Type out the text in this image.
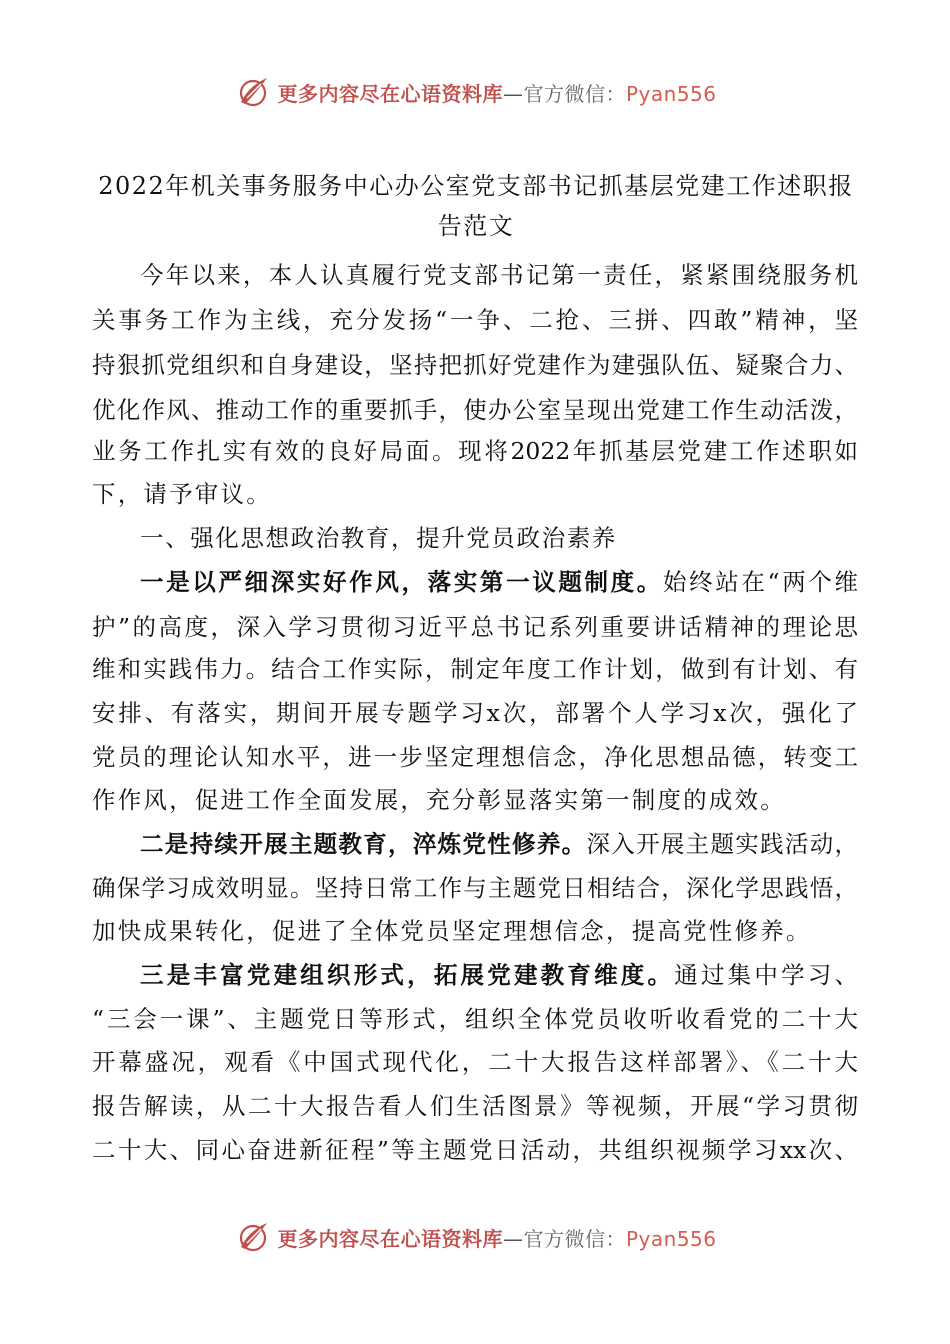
更多内容尽在心语资料库—官方微信：Pyan556
2022年机关事务服务中心办公室党支部书记抓基层党建工作述职报
告范文
今年以来，本人认真履行党支部书记第一责任，紧紧围绕服务机
关事务工作为主线，充分发扬“一争、二抢、三拼、四敢”精神，坚
持狠抓党组织和自身建设，坚持把抓好党建作为建强队伍、疑聚合力、
优化作风、推动工作的重要抓手，使办公室呈现出党建工作生动活泼，
业务工作扎实有效的良好局面。现将2022年抓基层党建工作述职如
下，请予审议。
一、强化思想政治教育，提升党员政治素养
一是以严细深实好作风，落实第一议题制度。始终站在“两个维
护”的高度，深入学习贯彻习近平总书记系列重要讲话精神的理论思
维和实践伟力。结合工作实际，制定年度工作计划，做到有计划、有
安排、有落实，期间开展专题学习x次，部署个人学习x次，强化了
党员的理论认知水平，进一步坚定理想信念，净化思想品德，转变工
作作风，促进工作全面发展，充分彰显落实第一制度的成效。
二是持续开展主题教育，淬炼党性修养。深入开展主题实践活动，
确保学习成效明显。坚持日常工作与主题党日相结合，深化学思践悟，
加快成果转化，促进了全体党员坚定理想信念，提高党性修养。
三是丰富党建组织形式，拓展党建教育维度。通过集中学习、
“三会一课”、主题党日等形式，组织全体党员收听收看党的二十大
开幕盛况，观看《中国式现代化，二十大报告这样部署》、《二十大
报告解读，从二十大报告看人们生活图景》等视频，开展“学习贯彻
二十大、同心奋进新征程”等主题党日活动，共组织视频学习xx次、
更多内容尽在心语资料库—官方微信：Pyan556
